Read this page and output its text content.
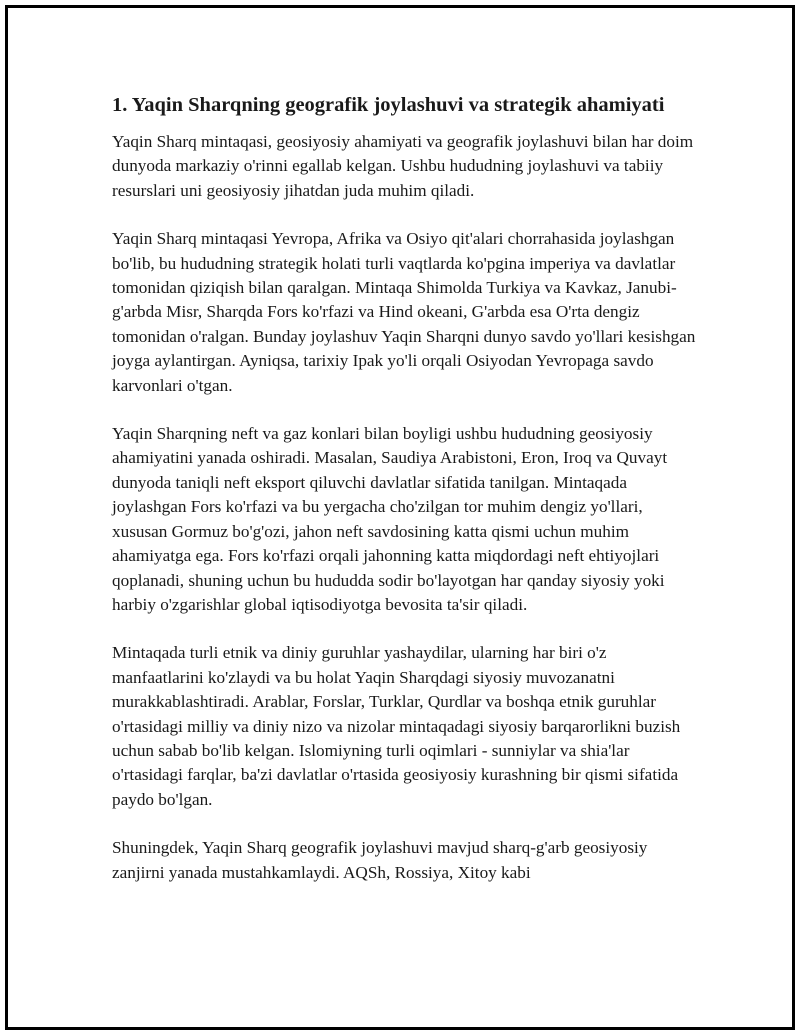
1. Yaqin Sharqning geografik joylashuvi va strategik ahamiyati

Yaqin Sharq mintaqasi, geosiyosiy ahamiyati va geografik joylashuvi bilan har doim dunyoda markaziy o'rinni egallab kelgan. Ushbu hududning joylashuvi va tabiiy resurslari uni geosiyosiy jihatdan juda muhim qiladi.

Yaqin Sharq mintaqasi Yevropa, Afrika va Osiyo qit'alari chorrahasida joylashgan bo'lib, bu hududning strategik holati turli vaqtlarda ko'pgina imperiya va davlatlar tomonidan qiziqish bilan qaralgan. Mintaqa Shimolda Turkiya va Kavkaz, Janubi-g'arbda Misr, Sharqda Fors ko'rfazi va Hind okeani, G'arbda esa O'rta dengiz tomonidan o'ralgan. Bunday joylashuv Yaqin Sharqni dunyo savdo yo'llari kesishgan joyga aylantirgan. Ayniqsa, tarixiy Ipak yo'li orqali Osiyodan Yevropaga savdo karvonlari o'tgan.

Yaqin Sharqning neft va gaz konlari bilan boyligi ushbu hududning geosiyosiy ahamiyatini yanada oshiradi. Masalan, Saudiya Arabistoni, Eron, Iroq va Quvayt dunyoda taniqli neft eksport qiluvchi davlatlar sifatida tanilgan. Mintaqada joylashgan Fors ko'rfazi va bu yergacha cho'zilgan tor muhim dengiz yo'llari, xususan Gormuz bo'g'ozi, jahon neft savdosining katta qismi uchun muhim ahamiyatga ega. Fors ko'rfazi orqali jahonning katta miqdordagi neft ehtiyojlari qoplanadi, shuning uchun bu hududda sodir bo'layotgan har qanday siyosiy yoki harbiy o'zgarishlar global iqtisodiyotga bevosita ta'sir qiladi.

Mintaqada turli etnik va diniy guruhlar yashaydilar, ularning har biri o'z manfaatlarini ko'zlaydi va bu holat Yaqin Sharqdagi siyosiy muvozanatni murakkablashtiradi. Arablar, Forslar, Turklar, Qurdlar va boshqa etnik guruhlar o'rtasidagi milliy va diniy nizo va nizolar mintaqadagi siyosiy barqarorlikni buzish uchun sabab bo'lib kelgan. Islomiyning turli oqimlari - sunniylar va shia'lar o'rtasidagi farqlar, ba'zi davlatlar o'rtasida geosiyosiy kurashning bir qismi sifatida paydo bo'lgan.

Shuningdek, Yaqin Sharq geografik joylashuvi mavjud sharq-g'arb geosiyosiy zanjirni yanada mustahkamlaydi. AQSh, Rossiya, Xitoy kabi
